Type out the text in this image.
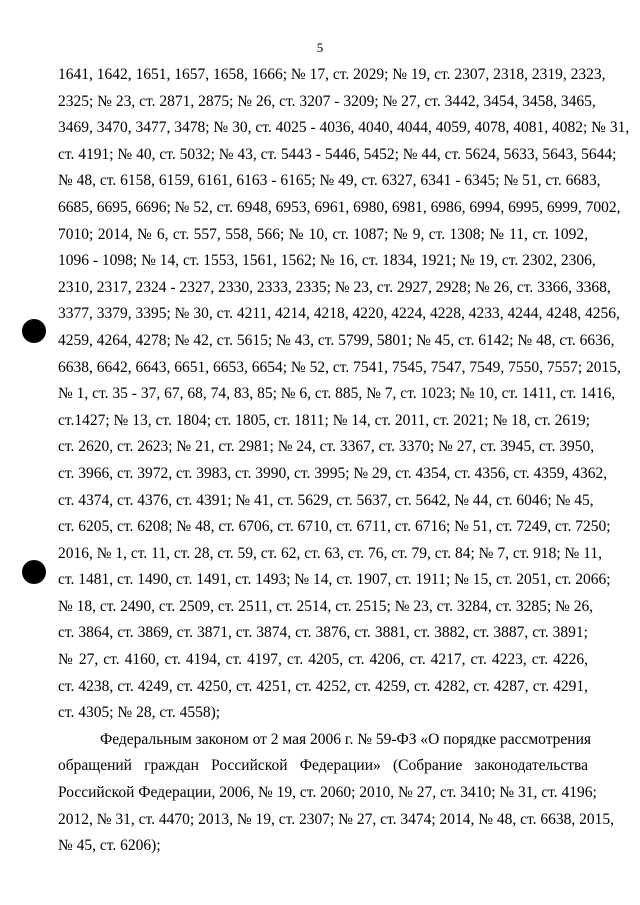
5
1641, 1642, 1651, 1657, 1658, 1666; № 17, ст. 2029; № 19, ст. 2307, 2318, 2319, 2323,
2325; № 23, ст. 2871, 2875; № 26, ст. 3207 - 3209; № 27, ст. 3442, 3454, 3458, 3465,
3469, 3470, 3477, 3478; № 30, ст. 4025 - 4036, 4040, 4044, 4059, 4078, 4081, 4082; № 31,
ст. 4191; № 40, ст. 5032; № 43, ст. 5443 - 5446, 5452; № 44, ст. 5624, 5633, 5643, 5644;
№ 48, ст. 6158, 6159, 6161, 6163 - 6165; № 49, ст. 6327, 6341 - 6345; № 51, ст. 6683,
6685, 6695, 6696; № 52, ст. 6948, 6953, 6961, 6980, 6981, 6986, 6994, 6995, 6999, 7002,
7010; 2014, № 6, ст. 557, 558, 566; № 10, ст. 1087; № 9, ст. 1308; № 11, ст. 1092,
1096 - 1098; № 14, ст. 1553, 1561, 1562; № 16, ст. 1834, 1921; № 19, ст. 2302, 2306,
2310, 2317, 2324 - 2327, 2330, 2333, 2335; № 23, ст. 2927, 2928; № 26, ст. 3366, 3368,
3377, 3379, 3395; № 30, ст. 4211, 4214, 4218, 4220, 4224, 4228, 4233, 4244, 4248, 4256,
4259, 4264, 4278; № 42, ст. 5615; № 43, ст. 5799, 5801; № 45, ст. 6142; № 48, ст. 6636,
6638, 6642, 6643, 6651, 6653, 6654; № 52, ст. 7541, 7545, 7547, 7549, 7550, 7557; 2015,
№ 1, ст. 35 - 37, 67, 68, 74, 83, 85; № 6, ст. 885, № 7, ст. 1023; № 10, ст. 1411, ст. 1416,
ст.1427; № 13, ст. 1804; ст. 1805, ст. 1811; № 14, ст. 2011, ст. 2021; № 18, ст. 2619;
ст. 2620, ст. 2623; № 21, ст. 2981; № 24, ст. 3367, ст. 3370; № 27, ст. 3945, ст. 3950,
ст. 3966, ст. 3972, ст. 3983, ст. 3990, ст. 3995; № 29, ст. 4354, ст. 4356, ст. 4359, 4362,
ст. 4374, ст. 4376, ст. 4391; № 41, ст. 5629, ст. 5637, ст. 5642, № 44, ст. 6046; № 45,
ст. 6205, ст. 6208; № 48, ст. 6706, ст. 6710, ст. 6711, ст. 6716; № 51, ст. 7249, ст. 7250;
2016, № 1, ст. 11, ст. 28, ст. 59, ст. 62, ст. 63, ст. 76, ст. 79, ст. 84; № 7, ст. 918; № 11,
ст. 1481, ст. 1490, ст. 1491, ст. 1493; № 14, ст. 1907, ст. 1911; № 15, ст. 2051, ст. 2066;
№ 18, ст. 2490, ст. 2509, ст. 2511, ст. 2514, ст. 2515; № 23, ст. 3284, ст. 3285; № 26,
ст. 3864, ст. 3869, ст. 3871, ст. 3874, ст. 3876, ст. 3881, ст. 3882, ст. 3887, ст. 3891;
№ 27, ст. 4160, ст. 4194, ст. 4197, ст. 4205, ст. 4206, ст. 4217, ст. 4223, ст. 4226,
ст. 4238, ст. 4249, ст. 4250, ст. 4251, ст. 4252, ст. 4259, ст. 4282, ст. 4287, ст. 4291,
ст. 4305; № 28, ст. 4558);
Федеральным законом от 2 мая 2006 г. № 59-ФЗ «О порядке рассмотрения
обращений граждан Российской Федерации» (Собрание законодательства
Российской Федерации, 2006, № 19, ст. 2060; 2010, № 27, ст. 3410; № 31, ст. 4196;
2012, № 31, ст. 4470; 2013, № 19, ст. 2307; № 27, ст. 3474; 2014, № 48, ст. 6638, 2015,
№ 45, ст. 6206);
